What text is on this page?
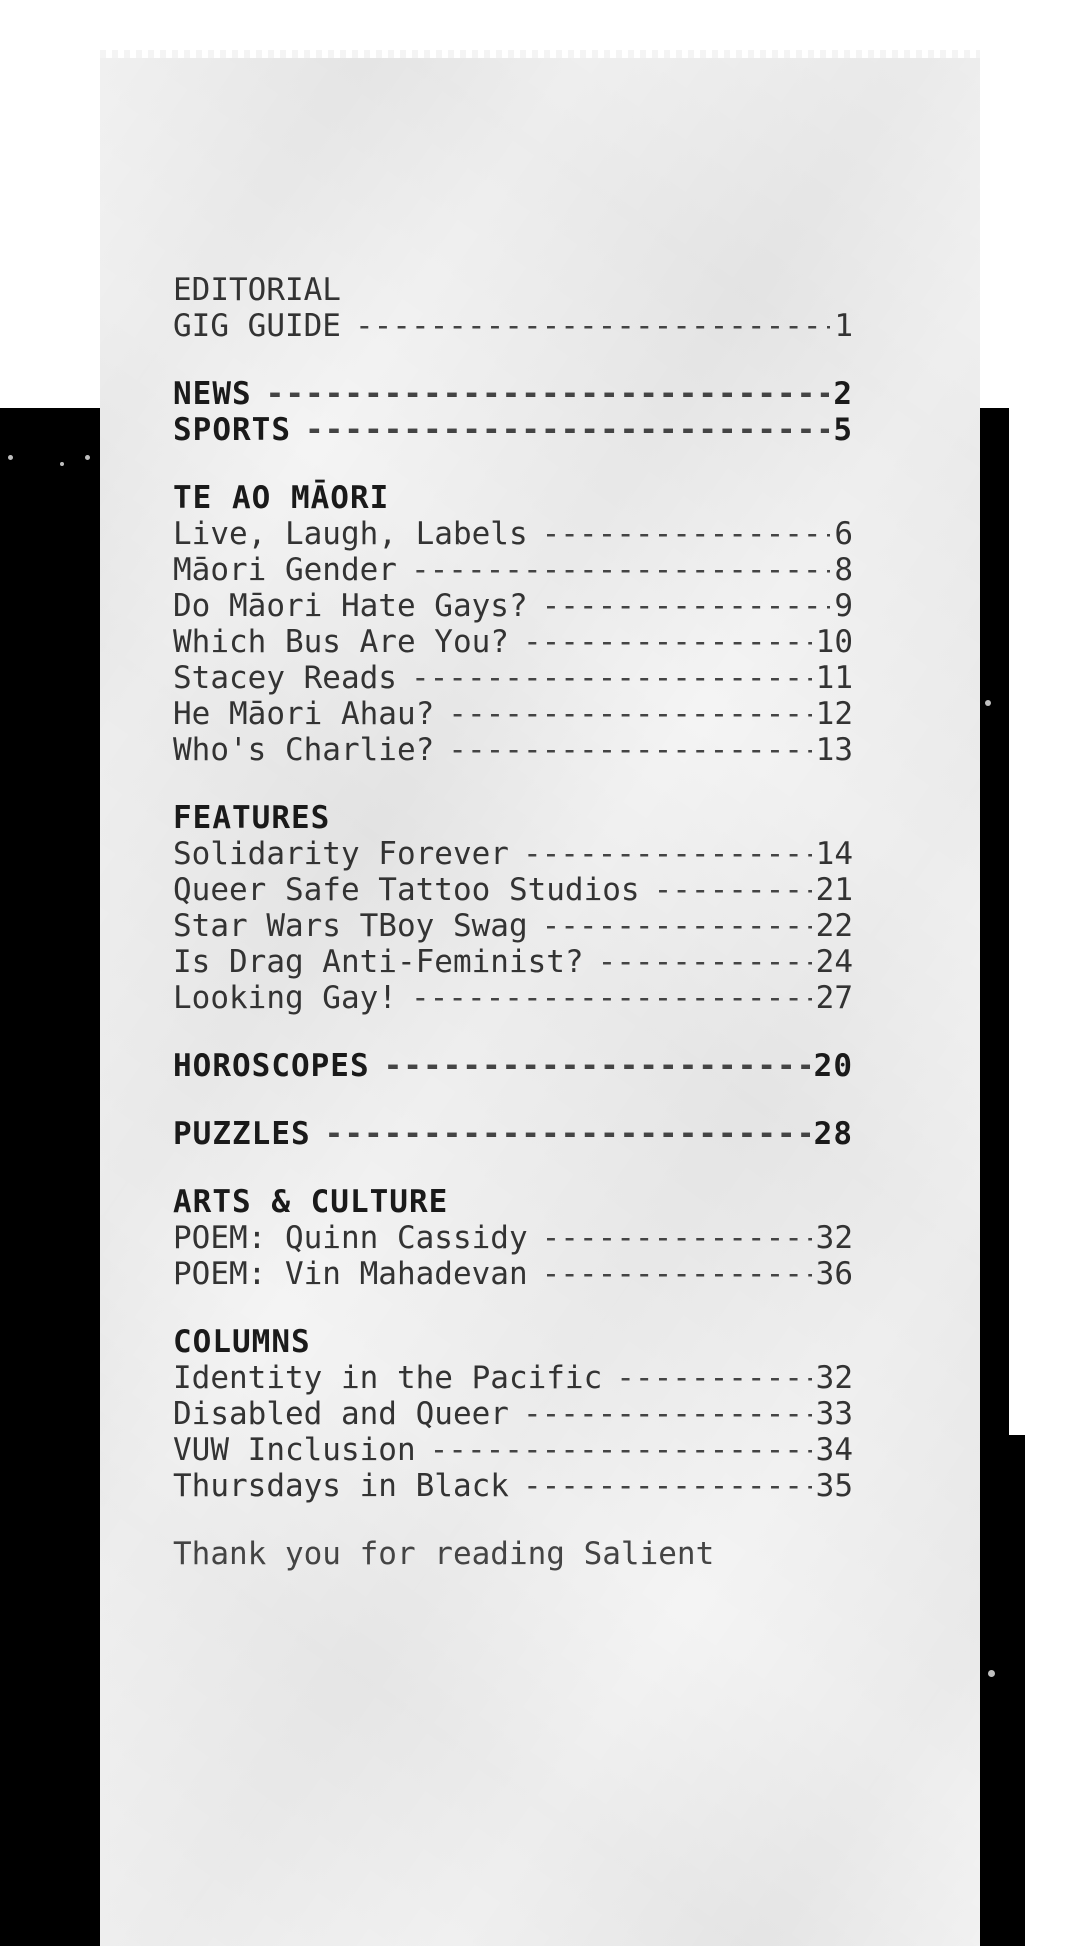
EDITORIAL
GIG GUIDE -----	1
NEWS -----	2
SPORTS -----	5
TE AO MĀORI
Live, Laugh, Labels -----	6
Māori Gender -----	8
Do Māori Hate Gays? -----	9
Which Bus Are You? -----	10
Stacey Reads -----	11
He Māori Ahau? -----	12
Who's Charlie? -----	13
FEATURES
Solidarity Forever -----	14
Queer Safe Tattoo Studios -----	21
Star Wars TBoy Swag -----	22
Is Drag Anti-Feminist? -----	24
Looking Gay! -----	27
HOROSCOPES -----	20
PUZZLES -----	28
ARTS & CULTURE
POEM: Quinn Cassidy -----	32
POEM: Vin Mahadevan -----	36
COLUMNS
Identity in the Pacific -----	32
Disabled and Queer -----	33
VUW Inclusion -----	34
Thursdays in Black -----	35
Thank you for reading Salient
